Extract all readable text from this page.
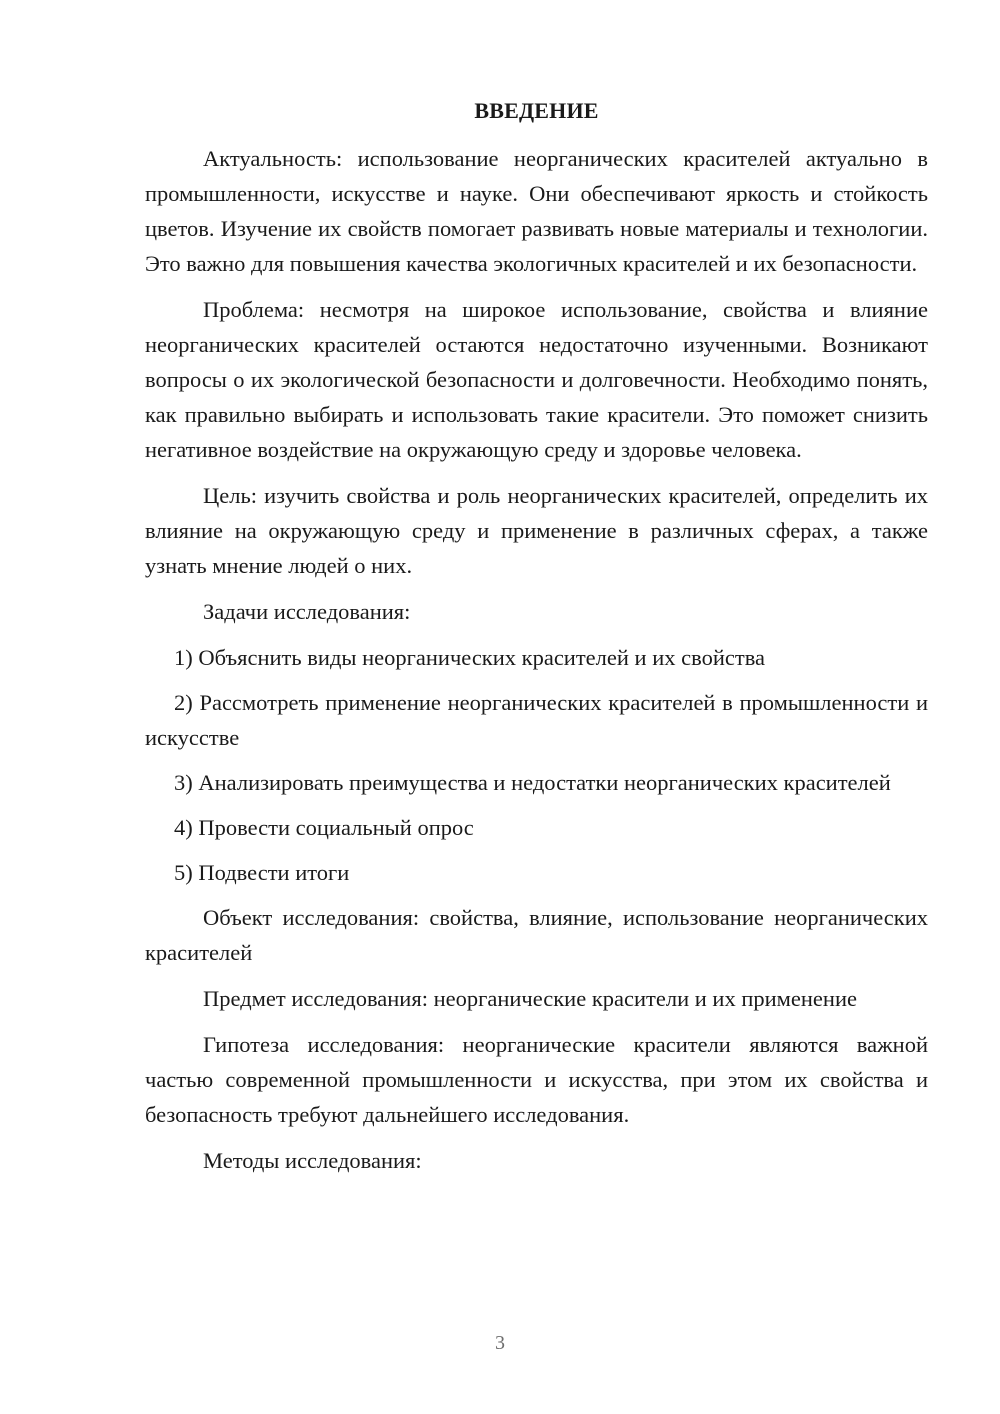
ВВЕДЕНИЕ

Актуальность: использование неорганических красителей актуально в промышленности, искусстве и науке. Они обеспечивают яркость и стойкость цветов. Изучение их свойств помогает развивать новые материалы и технологии. Это важно для повышения качества экологичных красителей и их безопасности.

Проблема: несмотря на широкое использование, свойства и влияние неорганических красителей остаются недостаточно изученными. Возникают вопросы о их экологической безопасности и долговечности. Необходимо понять, как правильно выбирать и использовать такие красители. Это поможет снизить негативное воздействие на окружающую среду и здоровье человека.

Цель: изучить свойства и роль неорганических красителей, определить их влияние на окружающую среду и применение в различных сферах, а также узнать мнение людей о них.

Задачи исследования:

1) Объяснить виды неорганических красителей и их свойства

2) Рассмотреть применение неорганических красителей в промышленности и искусстве

3) Анализировать преимущества и недостатки неорганических красителей

4) Провести социальный опрос

5) Подвести итоги

Объект исследования: свойства, влияние, использование неорганических красителей

Предмет исследования: неорганические красители и их применение

Гипотеза исследования: неорганические красители являются важной частью современной промышленности и искусства, при этом их свойства и безопасность требуют дальнейшего исследования.

Методы исследования:

3
